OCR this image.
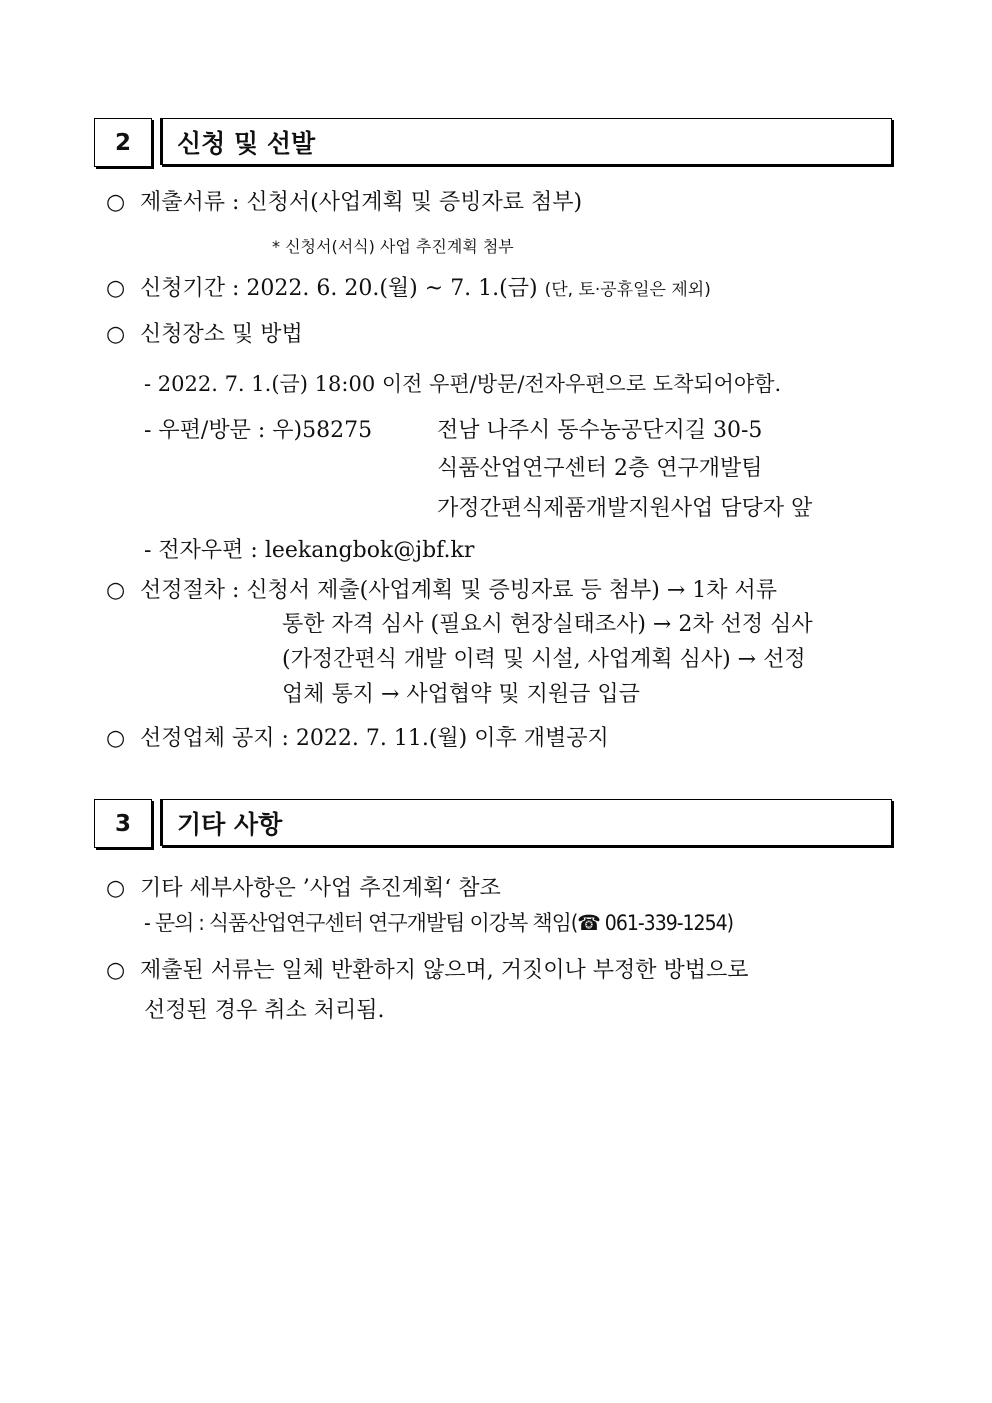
2	신청 및 선발
○ 제출서류 : 신청서(사업계획 및 증빙자료 첨부)
* 신청서(서식) 사업 추진계획 첨부
○ 신청기간 : 2022. 6. 20.(월) ~ 7. 1.(금) (단, 토·공휴일은 제외)
○ 신청장소 및 방법
- 2022. 7. 1.(금) 18:00 이전 우편/방문/전자우편으로 도착되어야함.
- 우편/방문 : 우)58275	전남 나주시 동수농공단지길 30-5
식품산업연구센터 2층 연구개발팀
가정간편식제품개발지원사업 담당자 앞
- 전자우편 : leekangbok@jbf.kr
○ 선정절차 : 신청서 제출(사업계획 및 증빙자료 등 첨부) → 1차 서류
통한 자격 심사 (필요시 현장실태조사) → 2차 선정 심사
(가정간편식 개발 이력 및 시설, 사업계획 심사) → 선정
업체 통지 → 사업협약 및 지원금 입금
○ 선정업체 공지 : 2022. 7. 11.(월) 이후 개별공지
3	기타 사항
○ 기타 세부사항은 ’사업 추진계획‘ 참조
- 문의 : 식품산업연구센터 연구개발팀 이강복 책임(☎ 061-339-1254)
○ 제출된 서류는 일체 반환하지 않으며, 거짓이나 부정한 방법으로
선정된 경우 취소 처리됨.
